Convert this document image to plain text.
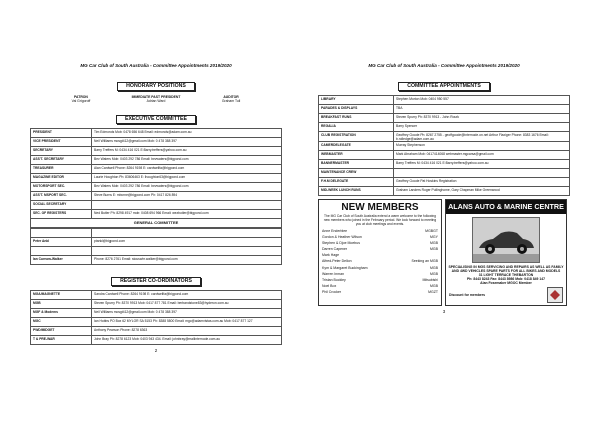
MG Car Club of South Australia - Committee Appointments 2019/2020
HONORARY POSITIONS
PATRON
Val Grigoroff
IMMEDIATE PAST PRESIDENT
Adrian Ward
AUDITOR
Graham Tull
EXECUTIVE COMMITTEE
PRESIDENT	Tim Edmonds Mob: 0478 656 648 Email: edmonds@adam.com.au
VICE PRESIDENT	Neil Williams mosgt412@gmail.com Mob: 0 478 388 397
SECRETARY	Barry Treffers M: 0434 416 021 E:Barry.treffers@yahoo.com.au
ASS'T. SECRETARY	Bev Waters Mob: 0403 292 786 Email: bevwaters@bigpond.com
TREASURER	Alan Cardwell Phone: 8264 9198 E: cardwellfa@bigpond.com
MAGAZINE EDITOR	Laurie Houghton Ph: 83606463 E: lhoughton63@bigpond.com
MOTORSPORT SEC.	Bev Waters Mob: 0403 292 786 Email: bevwaters@bigpond.com
ASS'T. MSPORT SEC.	Steve Burns E: mbcrne@bigpond.com Ph: 0417 826 894
SOCIAL SECRETARY	
SEC. OF REGISTERS	Ned Butler Ph: 8298 4917 mob: 0408 694 966 Email: wezbutler@bigpond.com
GENERAL COMMITTEE

Peter Ankl	ptankl@bigpond.com

Ian Curnow-Walker	Phone: 8276 2761 Email: stouswhr.walker@bigpond.com
REGISTER CO-ORDINATORS
MGA/MAGNETTE	Sandra Cardwell Phone: 8264 9198 E: cardwellfa@bigpond.com
MGB	Steven Spurry Ph: 8370 9913 Mob: 0417 877 781 Email: berbandstone83@hyderon.com.au
MGF & Modems	Neil Williams mosgt412@gmail.com Mob: 0 478 388 397
MGC	Ian Hobbs PO Box 62 MYLOR SA 5153 Ph: 8388 5800 Email: mgc@adamvistas.com.au Mob: 0417 877 127
PWD/MIDGET	Anthony Pearson Phone: 8278 6363
T & PRE-WAR	John Bray Ph: 8278 6123 Mob: 0403 943 434. Email: johnbray@mailinternode.com.au
2
MG Car Club of South Australia - Committee Appointments 2019/2020
COMMITTEE APPOINTMENTS
LIBRARY	Stephen Morton Mob: 0404 950 557
PARADES & DISPLAYS	TBA
BREAKFAST RUNS	Steven Spurry Ph: 8370 9913 - John Rourk
REGALIA	Barry Spencer
CLUB REGISTRATION	Geoffrey Goode Ph: 8267 2755 - geoffgoode@internode.on.net Arthur Flaxiger Phone: 8383 1676 Email: b.rolledge@adam.com.au
CAMERDELEGATE	Murray Stephenson
WEBMASTER	Mark Abraham Mob: 0417414068 webmaster.mgcarsa@gmail.com
BANNERMASTER	Barry Treffers M: 0434 416 021 E:Barry.treffers@yahoo.com.au
MAINTENANCE CREW	
F.H.M DELEGATE	Geoffrey Goode Pat Hoskins Registration
MID-WEEK LUNCH RUNS	Graham Landers Roger Pullinghome, Gary Chapman Mike Greenwood
NEW MEMBERS
The MG Car Club of South Australia extend a warm welcome to the following new members who joined in the February period. We look forward to meeting you at club meetings and events.
Anne Enderblee	MGBGT
Gordon & Heather Wilson	MGY
Stephen & Djoe Moebus	MGB
Darren Capener	MGB
Mark Hage
Alfred-Peter Dellon	Seeking an MGB
Kym & Margaret Buckingham	MGB
Warren Inman	MGB
Tristan Buckley	Mitsubishi
Noel Box	MGB
Phil Crocker	MGZT
ALANS AUTO & MARINE CENTRE
SPECIALISING IN MGS SERVICING AND REPAIRS AS WELL AS FAMILY AND 4WD VEHICLES SPARE PARTS FOR ALL BIKES AND MODELS
31 LIGHT TERRACE THEBARTON
Ph: 8443 8243 Fax: 8443 8986 Mob: 0418 849 147
Alan Fosemaker MGOC Member
Discount for members
3
